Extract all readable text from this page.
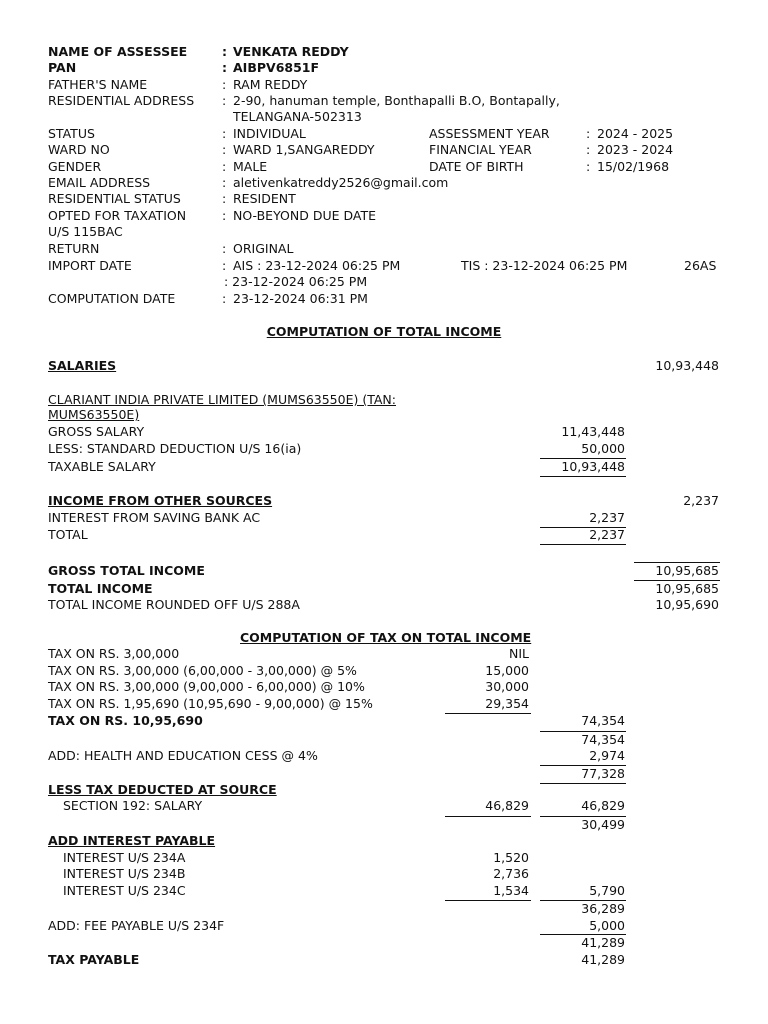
NAME OF ASSESSEE	: VENKATA REDDY
PAN	: AIBPV6851F
FATHER'S NAME	: RAM REDDY
RESIDENTIAL ADDRESS : 2-90, hanuman temple, Bonthapalli B.O, Bontapally,
TELANGANA-502313
STATUS	: INDIVIDUAL	ASSESSMENT YEAR	: 2024 - 2025
WARD NO	: WARD 1,SANGAREDDY	FINANCIAL YEAR	: 2023 - 2024
GENDER	: MALE	DATE OF BIRTH	: 15/02/1968
EMAIL ADDRESS	: aletivenkatreddy2526@gmail.com
RESIDENTIAL STATUS	: RESIDENT
OPTED FOR TAXATION	: NO-BEYOND DUE DATE
U/S 115BAC
RETURN	: ORIGINAL
IMPORT DATE	: AIS : 23-12-2024 06:25 PM	TIS : 23-12-2024 06:25 PM	26AS
: 23-12-2024 06:25 PM
COMPUTATION DATE	: 23-12-2024 06:31 PM
COMPUTATION OF TOTAL INCOME
SALARIES	10,93,448
CLARIANT INDIA PRIVATE LIMITED (MUMS63550E) (TAN:
MUMS63550E)
GROSS SALARY	11,43,448
LESS: STANDARD DEDUCTION U/S 16(ia)	50,000
TAXABLE SALARY	10,93,448
INCOME FROM OTHER SOURCES	2,237
INTEREST FROM SAVING BANK AC	2,237
TOTAL	2,237
GROSS TOTAL INCOME	10,95,685
TOTAL INCOME	10,95,685
TOTAL INCOME ROUNDED OFF U/S 288A	10,95,690
COMPUTATION OF TAX ON TOTAL INCOME
TAX ON RS. 3,00,000	NIL
TAX ON RS. 3,00,000 (6,00,000 - 3,00,000) @ 5%	15,000
TAX ON RS. 3,00,000 (9,00,000 - 6,00,000) @ 10%	30,000
TAX ON RS. 1,95,690 (10,95,690 - 9,00,000) @ 15%	29,354
TAX ON RS. 10,95,690	74,354
74,354
ADD: HEALTH AND EDUCATION CESS @ 4%	2,974
77,328
LESS TAX DEDUCTED AT SOURCE
SECTION 192: SALARY	46,829	46,829
30,499
ADD INTEREST PAYABLE
INTEREST U/S 234A	1,520
INTEREST U/S 234B	2,736
INTEREST U/S 234C	1,534	5,790
36,289
ADD: FEE PAYABLE U/S 234F	5,000
41,289
TAX PAYABLE	41,289
